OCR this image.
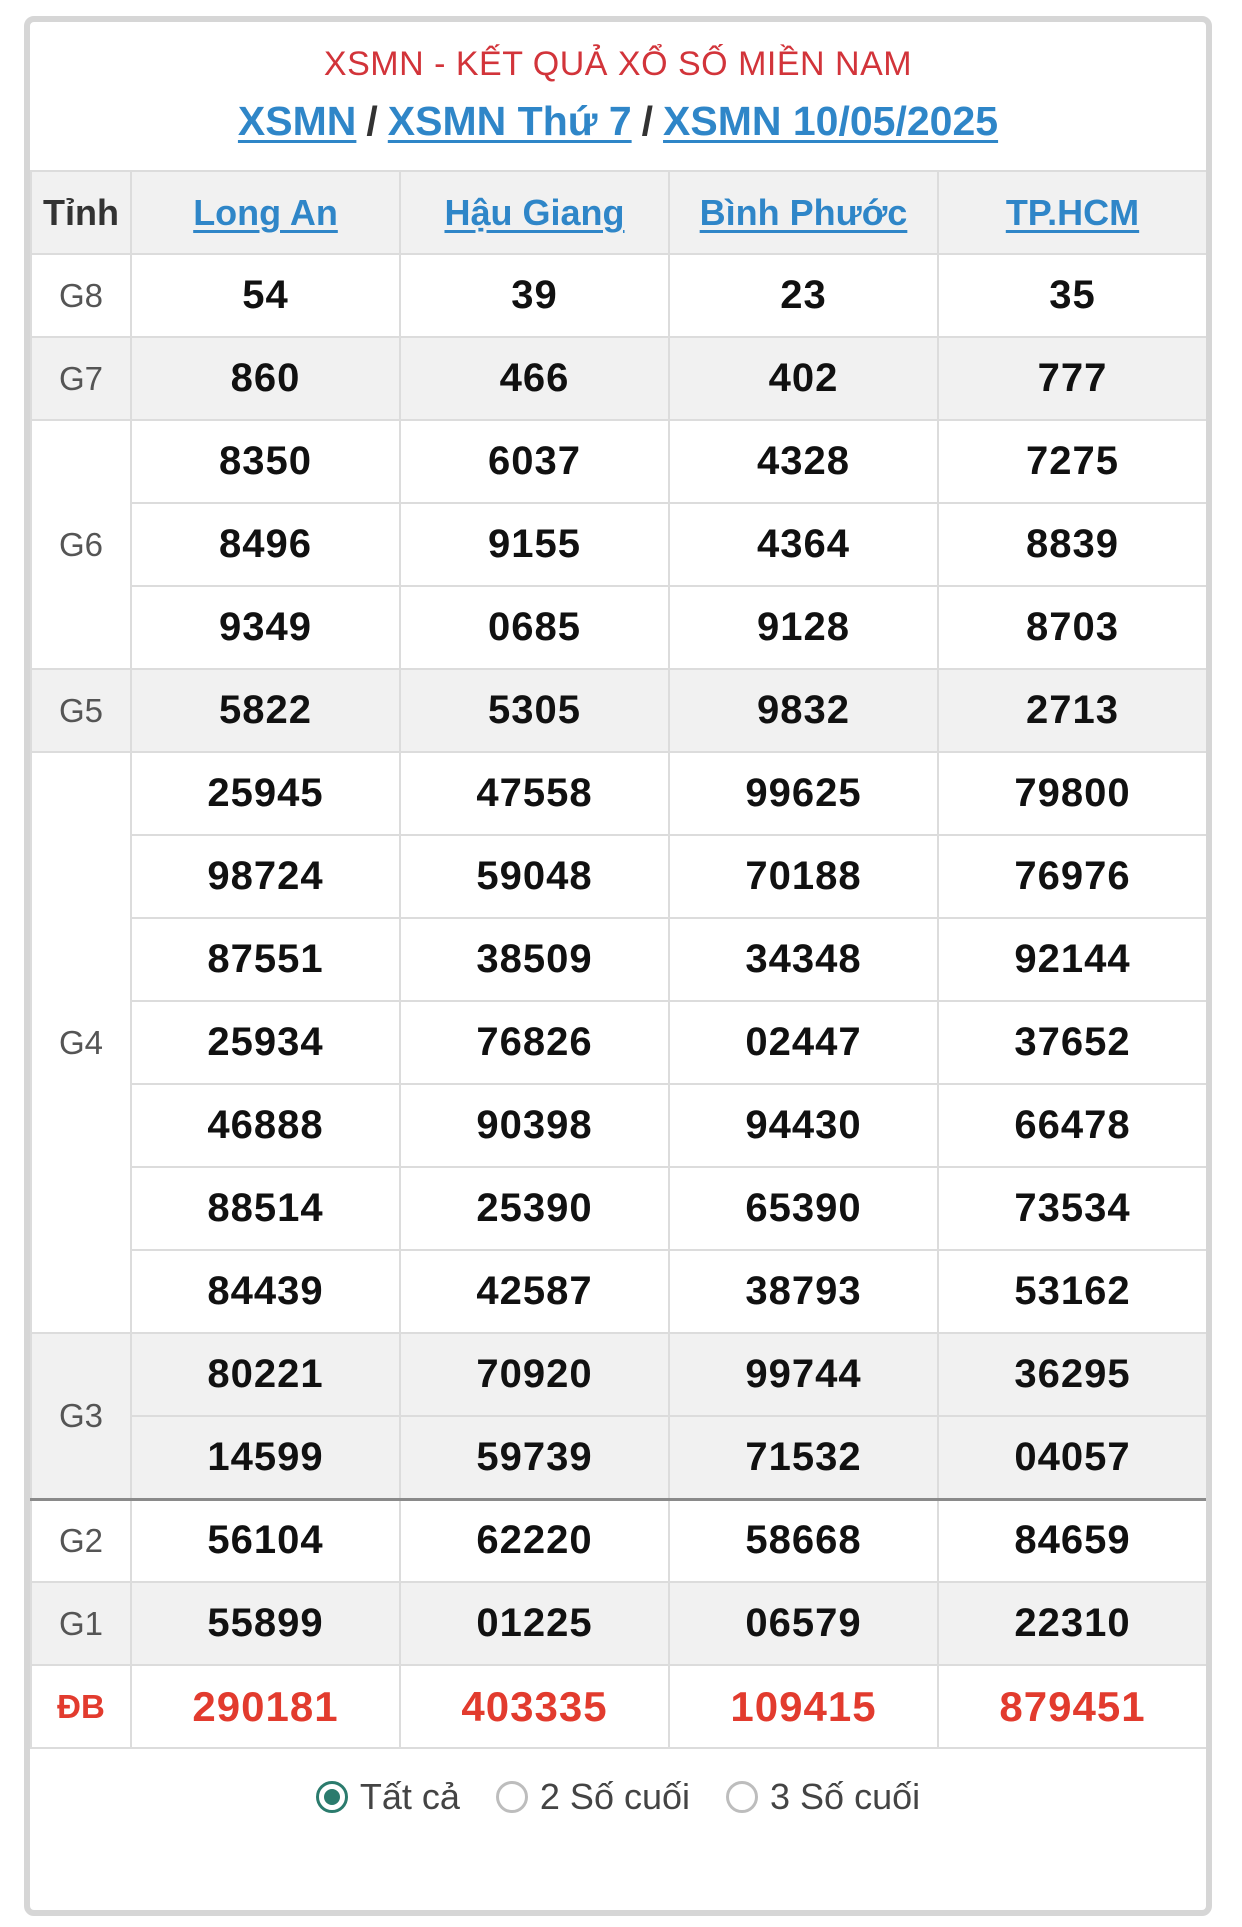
XSMN - KẾT QUẢ XỔ SỐ MIỀN NAM
XSMN / XSMN Thứ 7 / XSMN 10/05/2025
Tỉnh	Long An	Hậu Giang	Bình Phước	TP.HCM
G8	54	39	23	35
G7	860	466	402	777
G6	8350	6037	4328	7275
	8496	9155	4364	8839
	9349	0685	9128	8703
G5	5822	5305	9832	2713
G4	25945	47558	99625	79800
	98724	59048	70188	76976
	87551	38509	34348	92144
	25934	76826	02447	37652
	46888	90398	94430	66478
	88514	25390	65390	73534
	84439	42587	38793	53162
G3	80221	70920	99744	36295
	14599	59739	71532	04057
G2	56104	62220	58668	84659
G1	55899	01225	06579	22310
ĐB	290181	403335	109415	879451
Tất cả 2 Số cuối 3 Số cuối
